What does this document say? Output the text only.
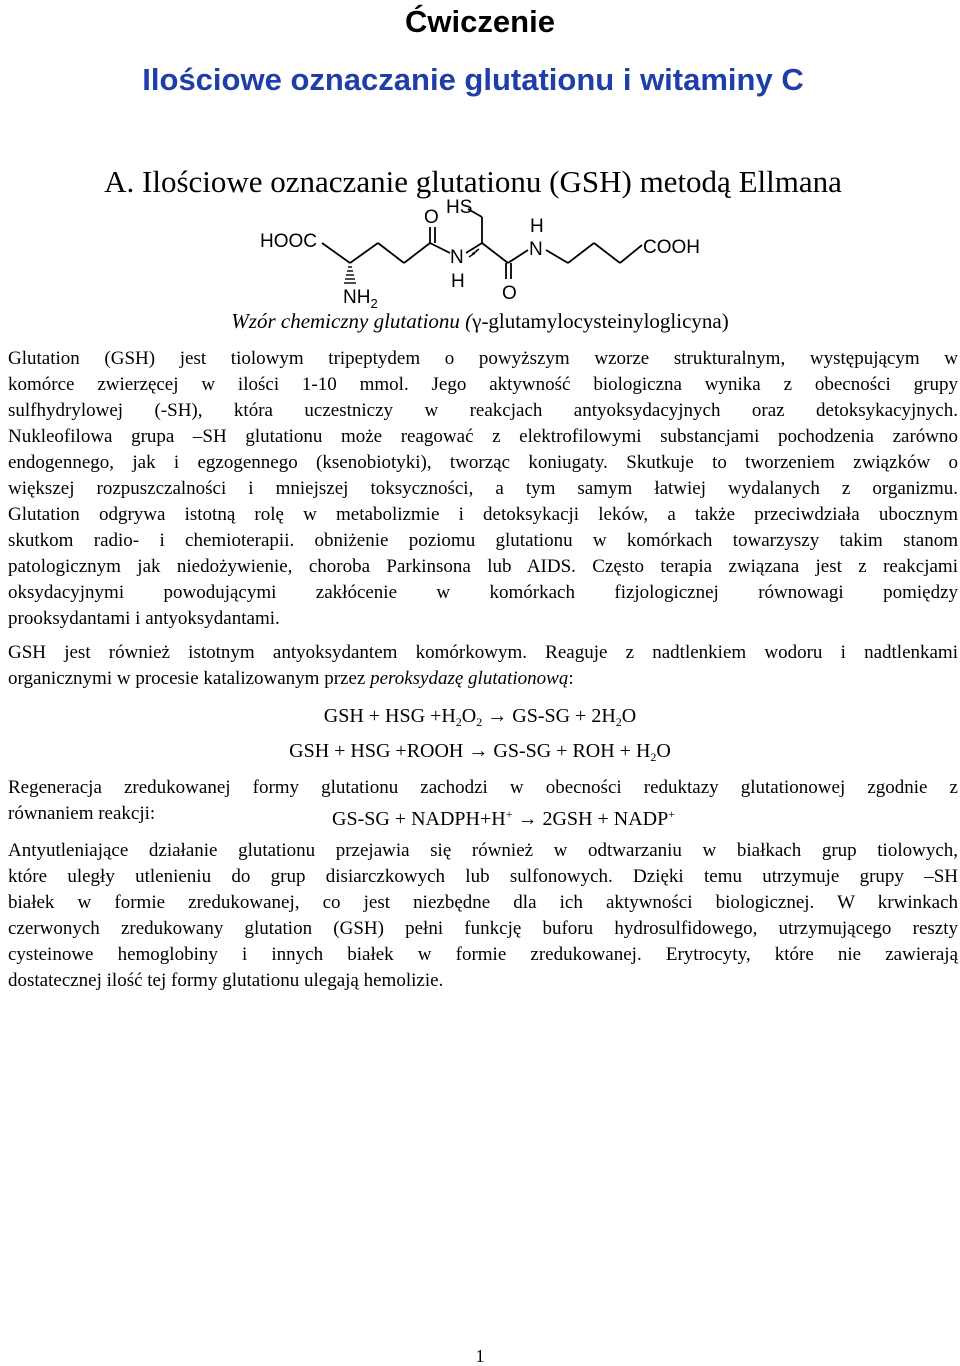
Ćwiczenie
Ilościowe oznaczanie glutationu i witaminy C
A. Ilościowe oznaczanie glutationu (GSH) metodą Ellmana
HOOC
$NH_2$
O HS
N
H
O
H
N	COOH
Wzór chemiczny glutationu (γ-glutamylocysteinyloglicyna)
Glutation (GSH) jest tiolowym tripeptydem o powyższym wzorze strukturalnym, występującym w
komórce zwierzęcej w ilości 1-10 mmol. Jego aktywność biologiczna wynika z obecności grupy
sulfhydrylowej (-SH), która uczestniczy w reakcjach antyoksydacyjnych oraz detoksykacyjnych.
Nukleofilowa grupa –SH glutationu może reagować z elektrofilowymi substancjami pochodzenia zarówno
endogennego, jak i egzogennego (ksenobiotyki), tworząc koniugaty. Skutkuje to tworzeniem związków o
większej rozpuszczalności i mniejszej toksyczności, a tym samym łatwiej wydalanych z organizmu.
Glutation odgrywa istotną rolę w metabolizmie i detoksykacji leków, a także przeciwdziała ubocznym
skutkom radio- i chemioterapii. obniżenie poziomu glutationu w komórkach towarzyszy takim stanom
patologicznym jak niedożywienie, choroba Parkinsona lub AIDS. Często terapia związana jest z reakcjami
oksydacyjnymi powodującymi zakłócenie w komórkach fizjologicznej równowagi pomiędzy
prooksydantami i antyoksydantami.
GSH jest również istotnym antyoksydantem komórkowym. Reaguje z nadtlenkiem wodoru i nadtlenkami
organicznymi w procesie katalizowanym przez peroksydazę glutationową:
GSH + HSG $+H_2O_2 \to GS-SG + 2H_2O$
GSH + HSG +ROOH → GS-SG + ROH + $H_2O$
Regeneracja zredukowanej formy glutationu zachodzi w obecności reduktazy glutationowej zgodnie z
równaniem reakcji:	GS-SG + NADPH+H+ → 2GSH + NADP+
Antyutleniające działanie glutationu przejawia się również w odtwarzaniu w białkach grup tiolowych,
które uległy utlenieniu do grup disiarczkowych lub sulfonowych. Dzięki temu utrzymuje grupy –SH
białek w formie zredukowanej, co jest niezbędne dla ich aktywności biologicznej. W krwinkach
czerwonych zredukowany glutation (GSH) pełni funkcję buforu hydrosulfidowego, utrzymującego reszty
cysteinowe hemoglobiny i innych białek w formie zredukowanej. Erytrocyty, które nie zawierają
dostatecznej ilość tej formy glutationu ulegają hemolizie.
1
